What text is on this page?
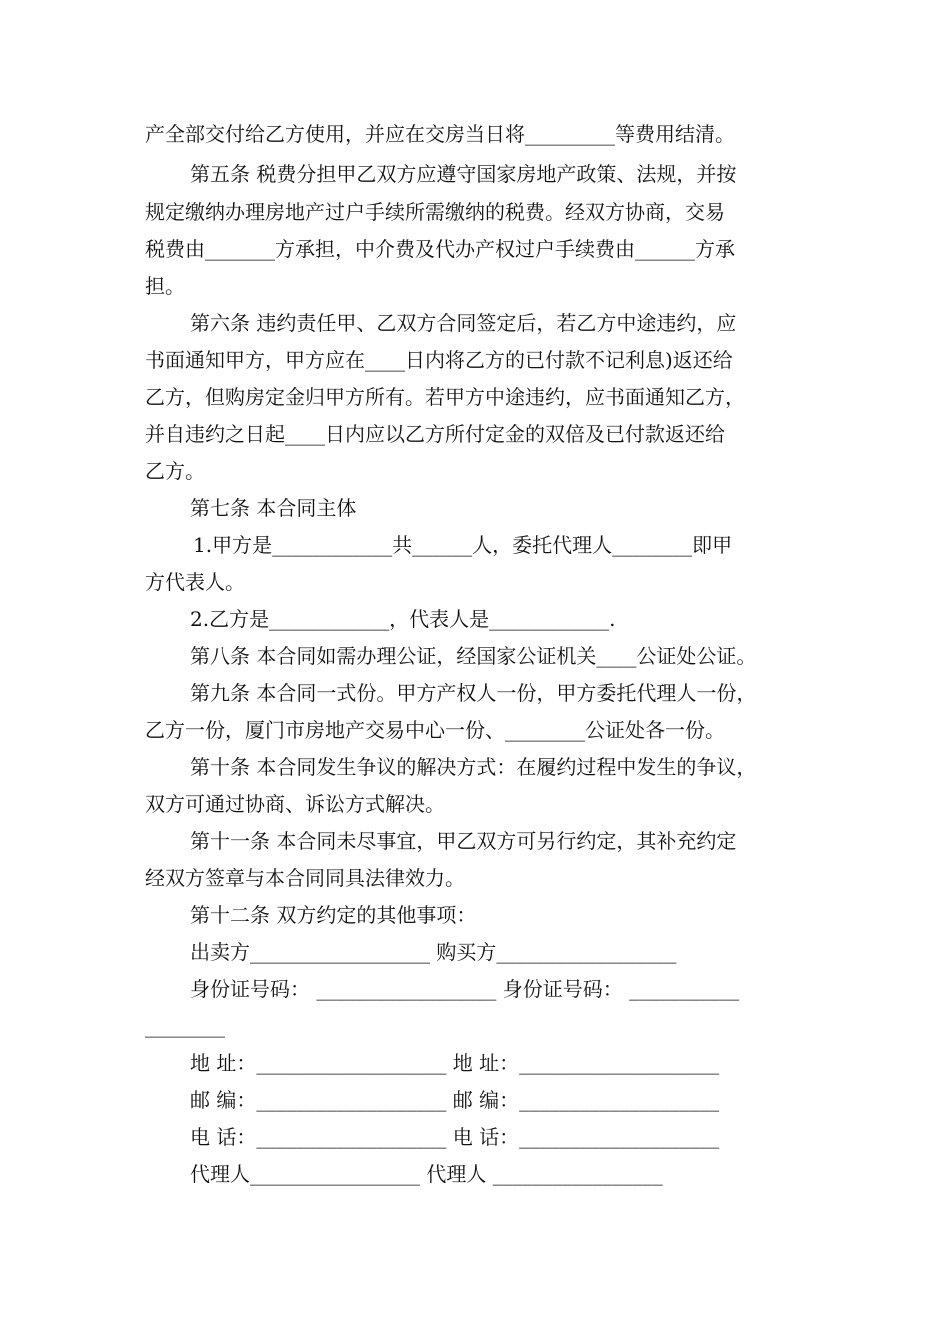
产全部交付给乙方使用，并应在交房当日将_________等费用结清。

第五条 税费分担甲乙双方应遵守国家房地产政策、法规，并按

规定缴纳办理房地产过户手续所需缴纳的税费。经双方协商，交易

税费由_______方承担，中介费及代办产权过户手续费由______方承

担。

第六条 违约责任甲、乙双方合同签定后，若乙方中途违约，应

书面通知甲方，甲方应在____日内将乙方的已付款不记利息)返还给

乙方，但购房定金归甲方所有。若甲方中途违约，应书面通知乙方，

并自违约之日起____日内应以乙方所付定金的双倍及已付款返还给

乙方。

第七条 本合同主体

1.甲方是____________共______人，委托代理人________即甲

方代表人。

2.乙方是____________，代表人是____________.

第八条 本合同如需办理公证，经国家公证机关____公证处公证。

第九条 本合同一式份。甲方产权人一份，甲方委托代理人一份，

乙方一份，厦门市房地产交易中心一份、________公证处各一份。

第十条 本合同发生争议的解决方式：在履约过程中发生的争议，

双方可通过协商、诉讼方式解决。

第十一条 本合同未尽事宜，甲乙双方可另行约定，其补充约定

经双方签章与本合同同具法律效力。

第十二条 双方约定的其他事项：

出卖方__________________ 购买方__________________

身份证号码： __________________ 身份证号码： ___________

________

地 址：___________________ 地 址：____________________

邮 编：___________________ 邮 编：____________________

电 话：___________________ 电 话：____________________

代理人_________________ 代理人 _________________
